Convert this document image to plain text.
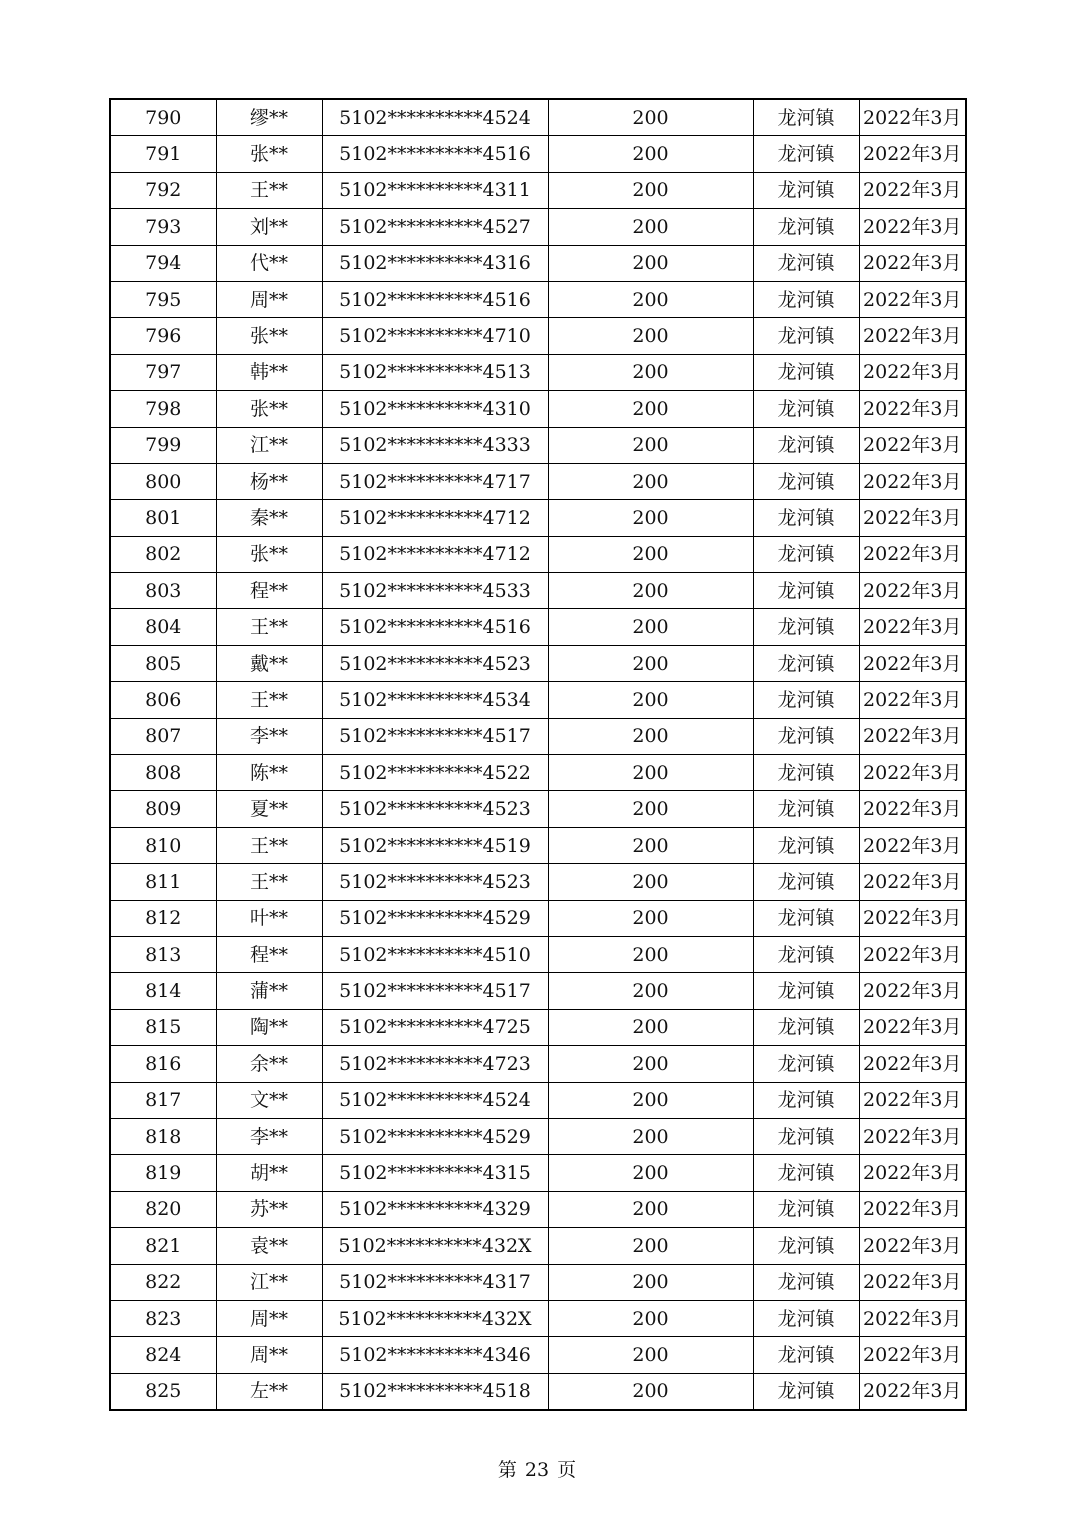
790	缪**	5102**********4524	200	龙河镇	2022年3月
791	张**	5102**********4516	200	龙河镇	2022年3月
792	王**	5102**********4311	200	龙河镇	2022年3月
793	刘**	5102**********4527	200	龙河镇	2022年3月
794	代**	5102**********4316	200	龙河镇	2022年3月
795	周**	5102**********4516	200	龙河镇	2022年3月
796	张**	5102**********4710	200	龙河镇	2022年3月
797	韩**	5102**********4513	200	龙河镇	2022年3月
798	张**	5102**********4310	200	龙河镇	2022年3月
799	江**	5102**********4333	200	龙河镇	2022年3月
800	杨**	5102**********4717	200	龙河镇	2022年3月
801	秦**	5102**********4712	200	龙河镇	2022年3月
802	张**	5102**********4712	200	龙河镇	2022年3月
803	程**	5102**********4533	200	龙河镇	2022年3月
804	王**	5102**********4516	200	龙河镇	2022年3月
805	戴**	5102**********4523	200	龙河镇	2022年3月
806	王**	5102**********4534	200	龙河镇	2022年3月
807	李**	5102**********4517	200	龙河镇	2022年3月
808	陈**	5102**********4522	200	龙河镇	2022年3月
809	夏**	5102**********4523	200	龙河镇	2022年3月
810	王**	5102**********4519	200	龙河镇	2022年3月
811	王**	5102**********4523	200	龙河镇	2022年3月
812	叶**	5102**********4529	200	龙河镇	2022年3月
813	程**	5102**********4510	200	龙河镇	2022年3月
814	蒲**	5102**********4517	200	龙河镇	2022年3月
815	陶**	5102**********4725	200	龙河镇	2022年3月
816	余**	5102**********4723	200	龙河镇	2022年3月
817	文**	5102**********4524	200	龙河镇	2022年3月
818	李**	5102**********4529	200	龙河镇	2022年3月
819	胡**	5102**********4315	200	龙河镇	2022年3月
820	苏**	5102**********4329	200	龙河镇	2022年3月
821	袁**	5102**********432X	200	龙河镇	2022年3月
822	江**	5102**********4317	200	龙河镇	2022年3月
823	周**	5102**********432X	200	龙河镇	2022年3月
824	周**	5102**********4346	200	龙河镇	2022年3月
825	左**	5102**********4518	200	龙河镇	2022年3月
第 23 页
